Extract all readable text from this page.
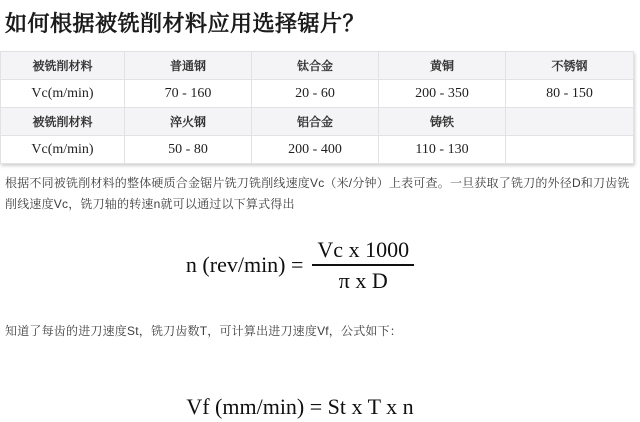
如何根据被铣削材料应用选择锯片？
被铣削材料	普通钢	钛合金	黄铜	不锈钢
Vc(m/min)	70 - 160	20 - 60	200 - 350	80 - 150
被铣削材料	淬火钢	铝合金	铸铁	
Vc(m/min)	50 - 80	200 - 400	110 - 130	

根据不同被铣削材料的整体硬质合金锯片铣刀铣削线速度Vc（米/分钟）上表可查。一旦获取了铣刀的外径D和刀齿铣削线速度Vc，铣刀轴的转速n就可以通过以下算式得出

n $(rev/\min) = \frac{\text{Vc x 1000}}{\text{π x D}}$

知道了每齿的进刀速度St，铣刀齿数T，可计算出进刀速度Vf，公式如下：

Vf (mm/min) = St x T x n
